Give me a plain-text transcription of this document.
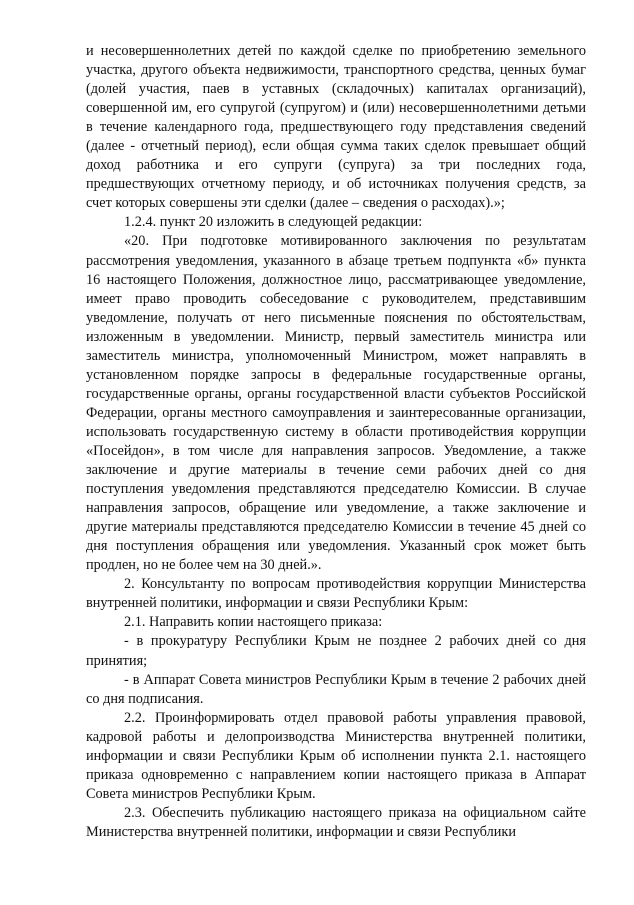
и несовершеннолетних детей по каждой сделке по приобретению земельного участка, другого объекта недвижимости, транспортного средства, ценных бумаг (долей участия, паев в уставных (складочных) капиталах организаций), совершенной им, его супругой (супругом) и (или) несовершеннолетними детьми в течение календарного года, предшествующего году представления сведений (далее - отчетный период), если общая сумма таких сделок превышает общий доход работника и его супруги (супруга) за три последних года, предшествующих отчетному периоду, и об источниках получения средств, за счет которых совершены эти сделки (далее – сведения о расходах).»;

1.2.4. пункт 20 изложить в следующей редакции:

«20. При подготовке мотивированного заключения по результатам рассмотрения уведомления, указанного в абзаце третьем подпункта «б» пункта 16 настоящего Положения, должностное лицо, рассматривающее уведомление, имеет право проводить собеседование с руководителем, представившим уведомление, получать от него письменные пояснения по обстоятельствам, изложенным в уведомлении. Министр, первый заместитель министра или заместитель министра, уполномоченный Министром, может направлять в установленном порядке запросы в федеральные государственные органы, государственные органы, органы государственной власти субъектов Российской Федерации, органы местного самоуправления и заинтересованные организации, использовать государственную систему в области противодействия коррупции «Посейдон», в том числе для направления запросов. Уведомление, а также заключение и другие материалы в течение семи рабочих дней со дня поступления уведомления представляются председателю Комиссии. В случае направления запросов, обращение или уведомление, а также заключение и другие материалы представляются председателю Комиссии в течение 45 дней со дня поступления обращения или уведомления. Указанный срок может быть продлен, но не более чем на 30 дней.».

2. Консультанту по вопросам противодействия коррупции Министерства внутренней политики, информации и связи Республики Крым:

2.1. Направить копии настоящего приказа:

- в прокуратуру Республики Крым не позднее 2 рабочих дней со дня принятия;

- в Аппарат Совета министров Республики Крым в течение 2 рабочих дней со дня подписания.

2.2. Проинформировать отдел правовой работы управления правовой, кадровой работы и делопроизводства Министерства внутренней политики, информации и связи Республики Крым об исполнении пункта 2.1. настоящего приказа одновременно с направлением копии настоящего приказа в Аппарат Совета министров Республики Крым.

2.3. Обеспечить публикацию настоящего приказа на официальном сайте Министерства внутренней политики, информации и связи Республики
